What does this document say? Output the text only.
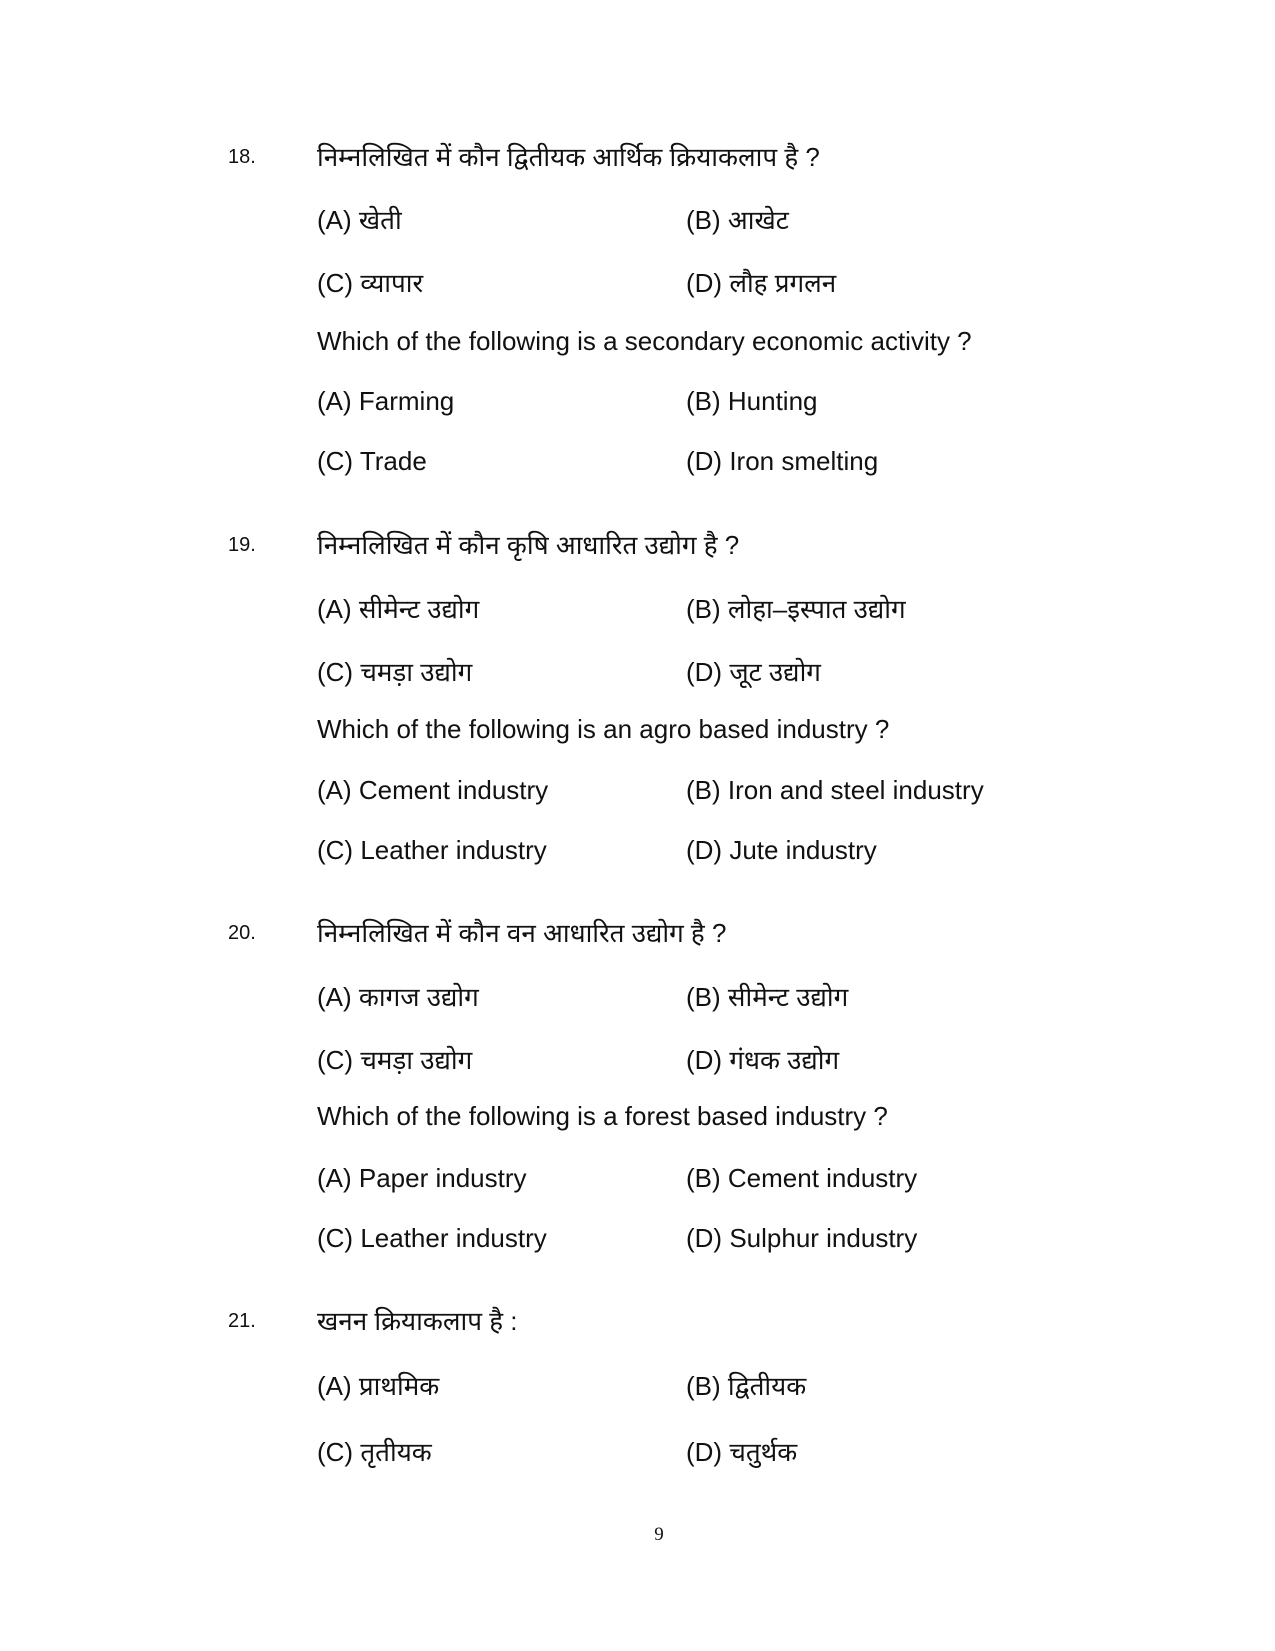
18. निम्नलिखित में कौन द्वितीयक आर्थिक क्रियाकलाप है ?
(A) खेती	(B) आखेट
(C) व्यापार	(D) लौह प्रगलन
Which of the following is a secondary economic activity ?
(A) Farming	(B) Hunting
(C) Trade	(D) Iron smelting
19. निम्नलिखित में कौन कृषि आधारित उद्योग है ?
(A) सीमेन्ट उद्योग	(B) लोहा–इस्पात उद्योग
(C) चमड़ा उद्योग	(D) जूट उद्योग
Which of the following is an agro based industry ?
(A) Cement industry	(B) Iron and steel industry
(C) Leather industry	(D) Jute industry
20. निम्नलिखित में कौन वन आधारित उद्योग है ?
(A) कागज उद्योग	(B) सीमेन्ट उद्योग
(C) चमड़ा उद्योग	(D) गंधक उद्योग
Which of the following is a forest based industry ?
(A) Paper industry	(B) Cement industry
(C) Leather industry	(D) Sulphur industry
21. खनन क्रियाकलाप है :
(A) प्राथमिक	(B) द्वितीयक
(C) तृतीयक	(D) चतुर्थक
9
